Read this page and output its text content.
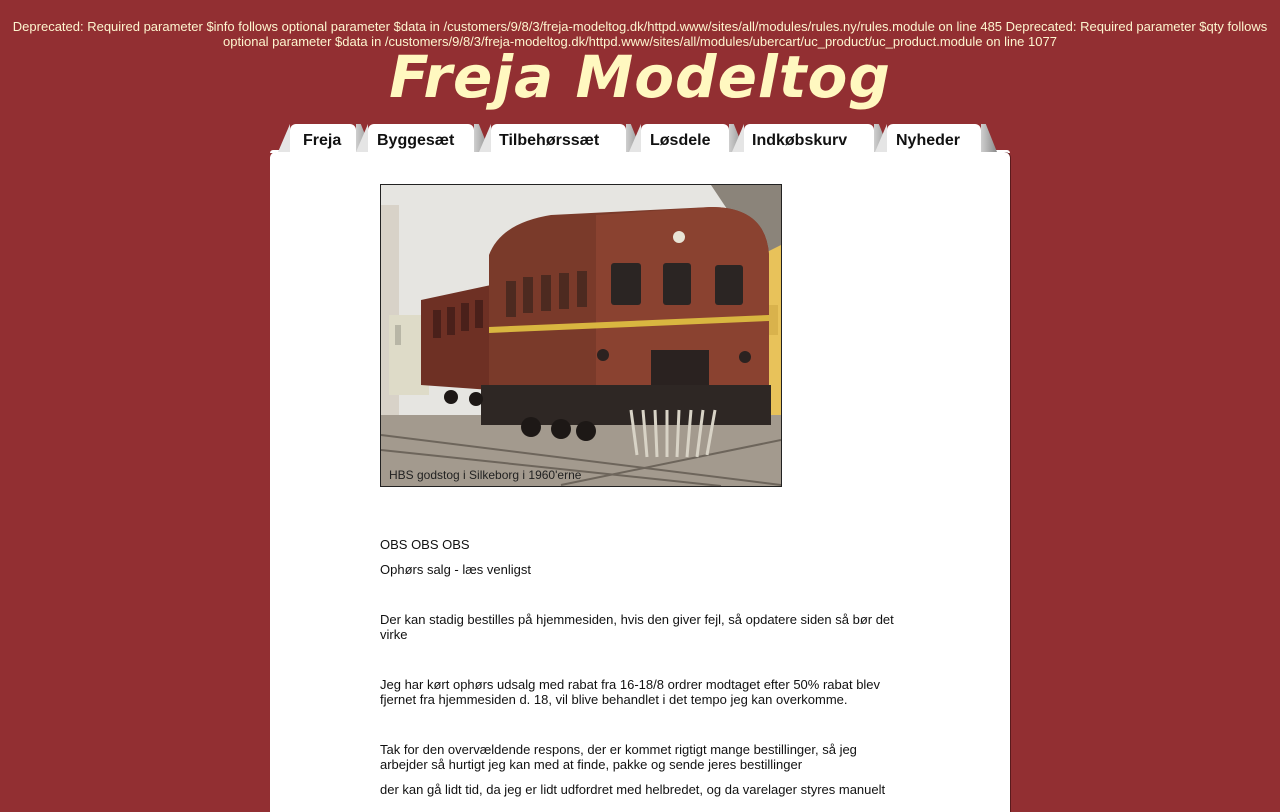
Deprecated: Required parameter $info follows optional parameter $data in /customers/9/8/3/freja-modeltog.dk/httpd.www/sites/all/modules/rules.ny/rules.module on line 485 Deprecated: Required parameter $qty follows optional parameter $data in /customers/9/8/3/freja-modeltog.dk/httpd.www/sites/all/modules/ubercart/uc_product/uc_product.module on line 1077
Freja Modeltog
Freja Byggesæt	Tilbehørssæt	Løsdele	Indkøbskurv	Nyheder
HBS godstog i Silkeborg i 1960'erne
OBS OBS OBS
Ophørs salg - læs venligst
Der kan stadig bestilles på hjemmesiden, hvis den giver fejl, så opdatere siden så bør det virke
Jeg har kørt ophørs udsalg med rabat fra 16-18/8 ordrer modtaget efter 50% rabat blev fjernet fra hjemmesiden d. 18, vil blive behandlet i det tempo jeg kan overkomme.
Tak for den overvældende respons, der er kommet rigtigt mange bestillinger, så jeg arbejder så hurtigt jeg kan med at finde, pakke og sende jeres bestillinger
der kan gå lidt tid, da jeg er lidt udfordret med helbredet, og da varelager styres manuelt
